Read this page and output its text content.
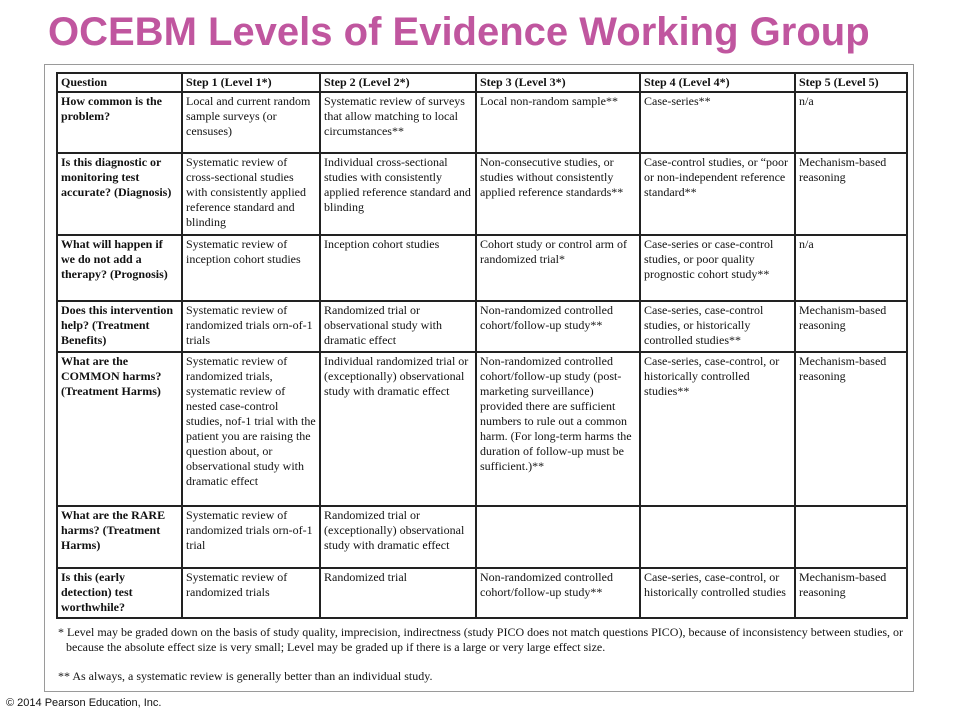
OCEBM Levels of Evidence Working Group
Question	Step 1 (Level 1*)	Step 2 (Level 2*)	Step 3 (Level 3*)	Step 4 (Level 4*)	Step 5 (Level 5)
How common is the problem?	Local and current random sample surveys (or censuses)	Systematic review of surveys that allow matching to local circumstances**	Local non-random sample**	Case-series**	n/a
Is this diagnostic or monitoring test accurate? (Diagnosis)	Systematic review of cross-sectional studies with consistently applied reference standard and blinding	Individual cross-sectional studies with consistently applied reference standard and blinding	Non-consecutive studies, or studies without consistently applied reference standards**	Case-control studies, or “poor or non-independent reference standard**	Mechanism-based reasoning
What will happen if we do not add a therapy? (Prognosis)	Systematic review of inception cohort studies	Inception cohort studies	Cohort study or control arm of randomized trial*	Case-series or case-control studies, or poor quality prognostic cohort study**	n/a
Does this intervention help? (Treatment Benefits)	Systematic review of randomized trials orn-of-1 trials	Randomized trial or observational study with dramatic effect	Non-randomized controlled cohort/follow-up study**	Case-series, case-control studies, or historically controlled studies**	Mechanism-based reasoning
What are the COMMON harms? (Treatment Harms)	Systematic review of randomized trials, systematic review of nested case-control studies, nof-1 trial with the patient you are raising the question about, or observational study with dramatic effect	Individual randomized trial or (exceptionally) observational study with dramatic effect	Non-randomized controlled cohort/follow-up study (post-marketing surveillance) provided there are sufficient numbers to rule out a common harm. (For long-term harms the duration of follow-up must be sufficient.)**	Case-series, case-control, or historically controlled studies**	Mechanism-based reasoning
What are the RARE harms? (Treatment Harms)	Systematic review of randomized trials orn-of-1 trial	Randomized trial or (exceptionally) observational study with dramatic effect			
Is this (early detection) test worthwhile?	Systematic review of randomized trials	Randomized trial	Non-randomized controlled cohort/follow-up study**	Case-series, case-control, or historically controlled studies	Mechanism-based reasoning

* Level may be graded down on the basis of study quality, imprecision, indirectness (study PICO does not match questions PICO), because of inconsistency between studies, or because the absolute effect size is very small; Level may be graded up if there is a large or very large effect size.

** As always, a systematic review is generally better than an individual study.

© 2014 Pearson Education, Inc.
